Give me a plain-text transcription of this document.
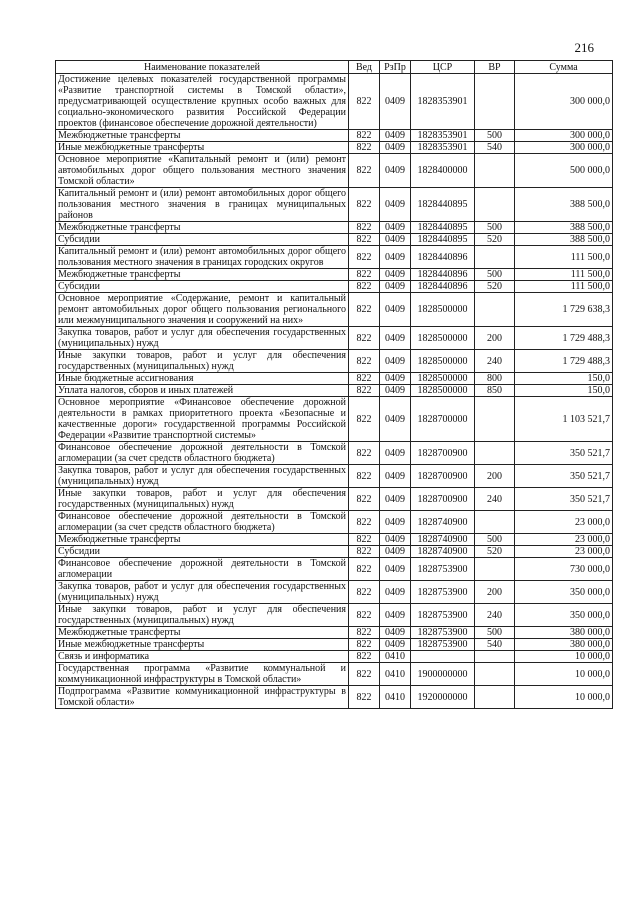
216
Наименование показателей	Вед	РзПр	ЦСР	ВР	Сумма
Достижение целевых показателей государственной программы «Развитие транспортной системы в Томской области», предусматривающей осуществление крупных особо важных для социально-экономического развития Российской Федерации проектов (финансовое обеспечение дорожной деятельности)	822	0409	1828353901		300 000,0
Межбюджетные трансферты	822	0409	1828353901	500	300 000,0
Иные межбюджетные трансферты	822	0409	1828353901	540	300 000,0
Основное мероприятие «Капитальный ремонт и (или) ремонт автомобильных дорог общего пользования местного значения Томской области»	822	0409	1828400000		500 000,0
Капитальный ремонт и (или) ремонт автомобильных дорог общего пользования местного значения в границах муниципальных районов	822	0409	1828440895		388 500,0
Межбюджетные трансферты	822	0409	1828440895	500	388 500,0
Субсидии	822	0409	1828440895	520	388 500,0
Капитальный ремонт и (или) ремонт автомобильных дорог общего пользования местного значения в границах городских округов	822	0409	1828440896		111 500,0
Межбюджетные трансферты	822	0409	1828440896	500	111 500,0
Субсидии	822	0409	1828440896	520	111 500,0
Основное мероприятие «Содержание, ремонт и капитальный ремонт автомобильных дорог общего пользования регионального или межмуниципального значения и сооружений на них»	822	0409	1828500000		1 729 638,3
Закупка товаров, работ и услуг для обеспечения государственных (муниципальных) нужд	822	0409	1828500000	200	1 729 488,3
Иные закупки товаров, работ и услуг для обеспечения государственных (муниципальных) нужд	822	0409	1828500000	240	1 729 488,3
Иные бюджетные ассигнования	822	0409	1828500000	800	150,0
Уплата налогов, сборов и иных платежей	822	0409	1828500000	850	150,0
Основное мероприятие «Финансовое обеспечение дорожной деятельности в рамках приоритетного проекта «Безопасные и качественные дороги» государственной программы Российской Федерации «Развитие транспортной системы»	822	0409	1828700000		1 103 521,7
Финансовое обеспечение дорожной деятельности в Томской агломерации (за счет средств областного бюджета)	822	0409	1828700900		350 521,7
Закупка товаров, работ и услуг для обеспечения государственных (муниципальных) нужд	822	0409	1828700900	200	350 521,7
Иные закупки товаров, работ и услуг для обеспечения государственных (муниципальных) нужд	822	0409	1828700900	240	350 521,7
Финансовое обеспечение дорожной деятельности в Томской агломерации (за счет средств областного бюджета)	822	0409	1828740900		23 000,0
Межбюджетные трансферты	822	0409	1828740900	500	23 000,0
Субсидии	822	0409	1828740900	520	23 000,0
Финансовое обеспечение дорожной деятельности в Томской агломерации	822	0409	1828753900		730 000,0
Закупка товаров, работ и услуг для обеспечения государственных (муниципальных) нужд	822	0409	1828753900	200	350 000,0
Иные закупки товаров, работ и услуг для обеспечения государственных (муниципальных) нужд	822	0409	1828753900	240	350 000,0
Межбюджетные трансферты	822	0409	1828753900	500	380 000,0
Иные межбюджетные трансферты	822	0409	1828753900	540	380 000,0
Связь и информатика	822	0410			10 000,0
Государственная программа «Развитие коммунальной и коммуникационной инфраструктуры в Томской области»	822	0410	1900000000		10 000,0
Подпрограмма «Развитие коммуникационной инфраструктуры в Томской области»	822	0410	1920000000		10 000,0
